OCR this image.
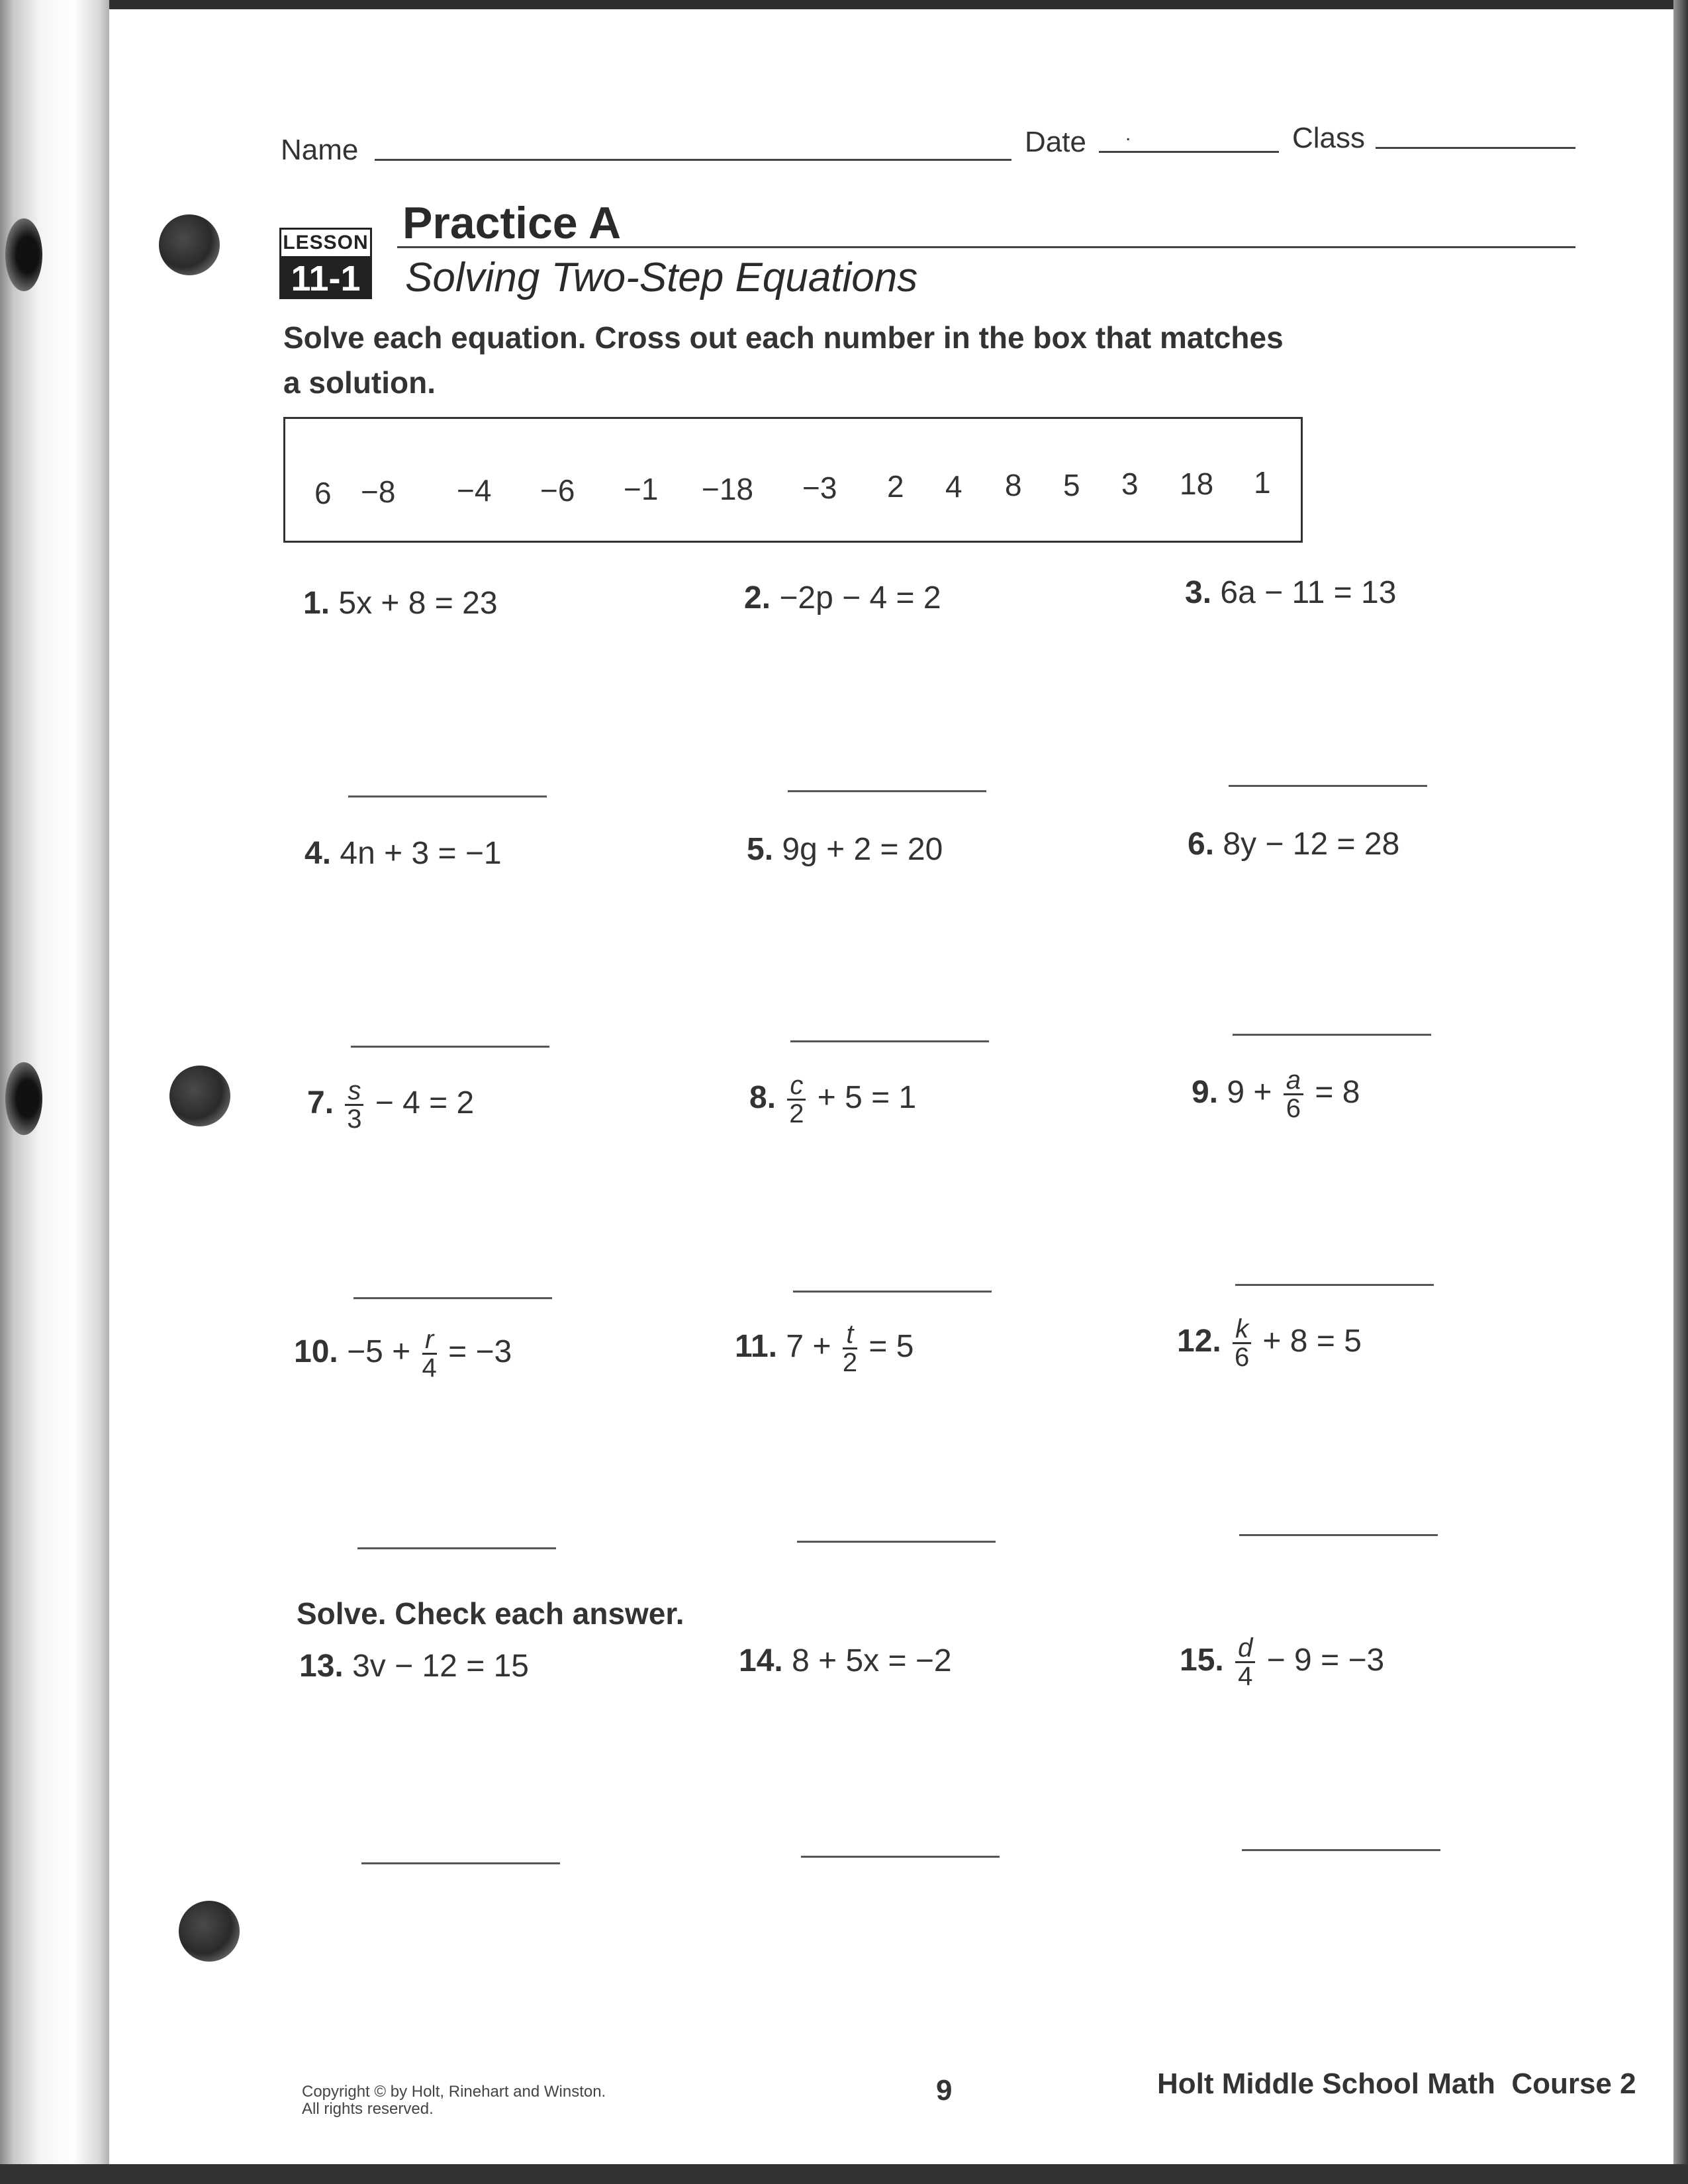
Name	Date .	Class
LESSON
11-1
Practice A
Solving Two-Step Equations
Solve each equation. Cross out each number in the box that matches a solution.
6 −8 −4 −6 −1 −18 −3 2 4 8 5 3 18 1
1. 5x + 8 = 23	2. −2p − 4 = 2	3. 6a − 11 = 13
4. 4n + 3 = −1	5. 9g + 2 = 20	6. 8y − 12 = 28
7. $\frac{s}{3} - 4 = 2$	8. $\frac{c}{2} + 5 = 1$	9. $9 + \frac{a}{6} = 8$
10. $-5 + \frac{r}{4} = -3$	11. $7 + \frac{t}{2} = 5$	12. $\frac{k}{6} + 8 = 5$
Solve. Check each answer.
13. 3v − 12 = 15	14. 8 + 5x = −2	15. $\frac{d}{4} - 9 = -3$
Copyright © by Holt, Rinehart and Winston.
All rights reserved.
9	Holt Middle School Math Course 2
